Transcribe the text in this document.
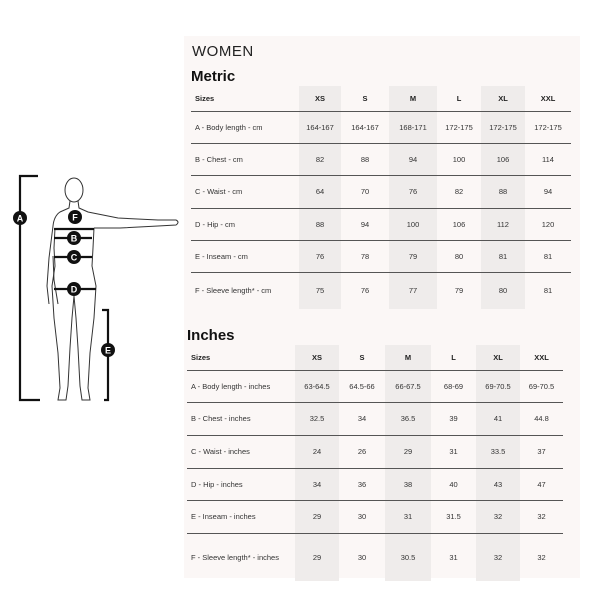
A	F
B
C
D
E
WOMEN
Metric
Sizes	XS	S	M	L	XL	XXL
A - Body length - cm	164-167	164-167	168-171	172-175	172-175	172-175
B - Chest - cm	82	88	94	100	106	114
C - Waist - cm	64	70	76	82	88	94
D - Hip - cm	88	94	100	106	112	120
E - Inseam - cm	76	78	79	80	81	81
F - Sleeve length* - cm	75	76	77	79	80	81
Inches
Sizes	XS	S	M	L	XL	XXL
A - Body length - inches	63-64.5	64.5-66	66-67.5	68-69	69-70.5	69-70.5
B - Chest - inches	32.5	34	36.5	39	41	44.8
C - Waist - inches	24	26	29	31	33.5	37
D - Hip - inches	34	36	38	40	43	47
E - Inseam - inches	29	30	31	31.5	32	32
F - Sleeve length* - inches	29	30	30.5	31	32	32
